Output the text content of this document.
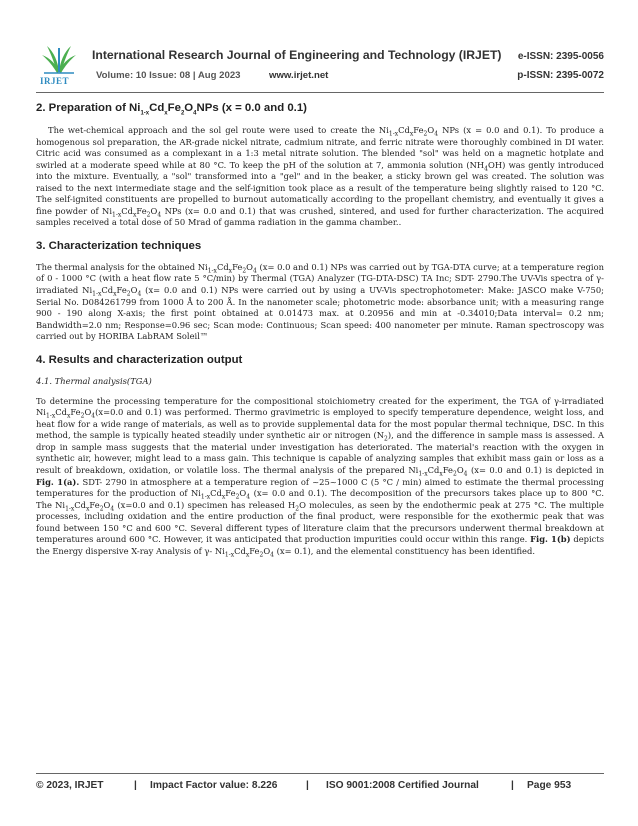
IRJET
International Research Journal of Engineering and Technology (IRJET) e-ISSN: 2395-0056
Volume: 10 Issue: 08 | Aug 2023	www.irjet.net	p-ISSN: 2395-0072
2. Preparation of $Ni_{1-x}Cd_xFe_2O_4NPs$ (x = 0.0 and 0.1)

The wet-chemical approach and the sol gel route were used to create the $Ni_{1-x}Cd_xFe_2O_4$ NPs (x = 0.0 and 0.1). To produce a homogenous sol preparation, the AR-grade nickel nitrate, cadmium nitrate, and ferric nitrate were thoroughly combined in DI water. Citric acid was consumed as a complexant in a 1:3 metal nitrate solution. The blended "sol" was held on a magnetic hotplate and swirled at a moderate speed while at 80 °C. To keep the pH of the solution at 7, ammonia solution $(NH_4OH)$ was gently introduced into the mixture. Eventually, a "sol" transformed into a "gel" and in the beaker, a sticky brown gel was created. The solution was raised to the next intermediate stage and the self-ignition took place as a result of the temperature being slightly raised to 120 °C. The self-ignited constituents are propelled to burnout automatically according to the propellant chemistry, and eventually it gives a fine powder of $Ni_{1-x}Cd_xFe_2O_4$ NPs (x= 0.0 and 0.1) that was crushed, sintered, and used for further characterization. The acquired samples received a total dose of 50 Mrad of gamma radiation in the gamma chamber..

3. Characterization techniques

The thermal analysis for the obtained $Ni_{1-x}Cd_xFe_2O_4$ (x= 0.0 and 0.1) NPs was carried out by TGA-DTA curve; at a temperature region of 0 - 1000 °C (with a heat flow rate 5 °C/min) by Thermal (TGA) Analyzer (TG-DTA-DSC) TA Inc; SDT- 2790.The UV-Vis spectra of γ-irradiated $Ni_{1-x}Cd_xFe_2O_4$ (x= 0.0 and 0.1) NPs were carried out by using a UV-Vis spectrophotometer: Make: JASCO make V-750; Serial No. D084261799 from 1000 Å to 200 Å. In the nanometer scale; photometric mode: absorbance unit; with a measuring range 900 - 190 along X-axis; the first point obtained at 0.01473 max. at 0.20956 and min at -0.34010;Data interval= 0.2 nm; Bandwidth=2.0 nm; Response=0.96 sec; Scan mode: Continuous; Scan speed: 400 nanometer per minute. Raman spectroscopy was carried out by HORIBA LabRAM Soleil™

4. Results and characterization output
4.1. Thermal analysis(TGA)

To determine the processing temperature for the compositional stoichiometry created for the experiment, the TGA of γ-irradiated $Ni_{1-x}Cd_xFe_2O_4(x=0.0$ and 0.1) was performed. Thermo gravimetric is employed to specify temperature dependence, weight loss, and heat flow for a wide range of materials, as well as to provide supplemental data for the most popular thermal technique, DSC. In this method, the sample is typically heated steadily under synthetic air or nitrogen $(N_2)$, and the difference in sample mass is assessed. A drop in sample mass suggests that the material under investigation has deteriorated. The material's reaction with the oxygen in synthetic air, however, might lead to a mass gain. This technique is capable of analyzing samples that exhibit mass gain or loss as a result of breakdown, oxidation, or volatile loss. The thermal analysis of the prepared $Ni_{1-x}Cd_xFe_2O_4$ (x= 0.0 and 0.1) is depicted in Fig. 1(a). SDT- 2790 in atmosphere at a temperature region of ~25~1000 C (5 °C / min) aimed to estimate the thermal processing temperatures for the production of $Ni_{1-x}Cd_xFe_2O_4$ (x= 0.0 and 0.1). The decomposition of the precursors takes place up to 800 °C. The $Ni_{1-x}Cd_xFe_2O_4$ (x=0.0 and 0.1) specimen has released $H_2O$ molecules, as seen by the endothermic peak at 275 °C. The multiple processes, including oxidation and the entire production of the final product, were responsible for the exothermic peak that was found between 150 °C and 600 °C. Several different types of literature claim that the precursors underwent thermal breakdown at temperatures around 600 °C. However, it was anticipated that production impurities could occur within this range. Fig. 1(b) depicts the Energy dispersive X-ray Analysis of γ- $Ni_{1-x}Cd_xFe_2O_4$ (x= 0.1), and the elemental constituency has been identified.

© 2023, IRJET	| Impact Factor value: 8.226	| ISO 9001:2008 Certified Journal	| Page 953
